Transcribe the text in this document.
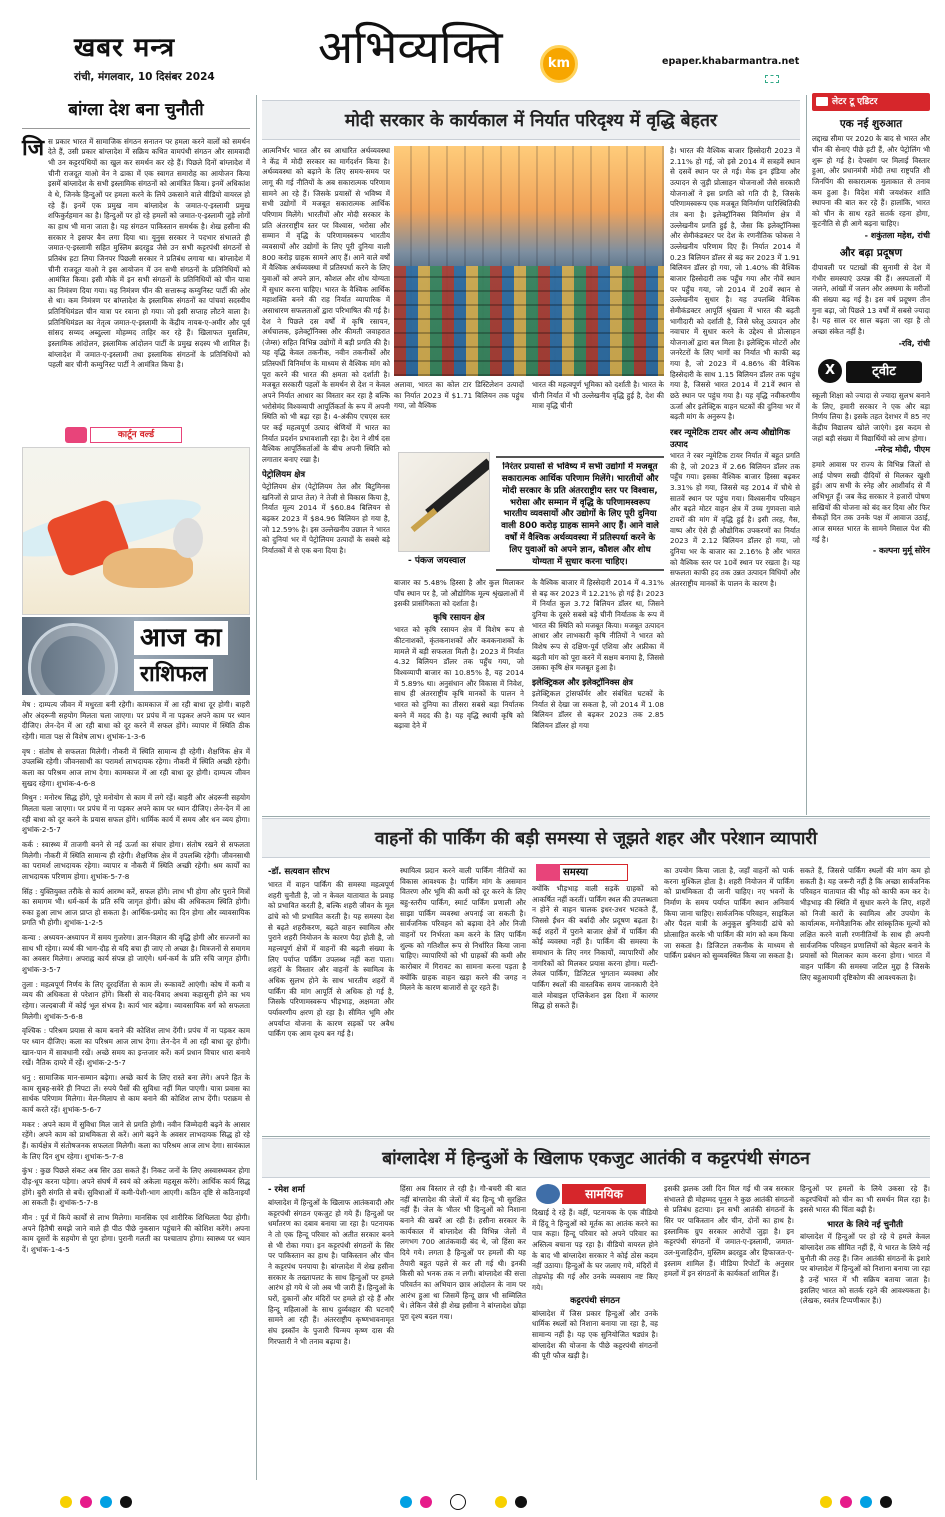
खबर मन्त्र
रांची, मंगलवार, 10 दिसंबर 2024
अभिव्यक्ति	km	epaper.khabarmantra.net
बांग्ला देश बना चुनौती
जि स प्रकार भारत में सामाजिक संगठन सनातन पर हमला करने वालों को समर्थन देते हैं, उसी प्रकार बांग्लादेश में सक्रिय कथित वामपंथी संगठन और सामवादी भी उन कट्टरपंथियों का खुल कर समर्थन कर रहे हैं। पिछले दिनों बांग्लादेश में चीनी राजदूत याओ वेन ने ढाका में एक स्वागत समारोह का आयोजन किया इसमें बांग्लादेश के सभी इस्लामिक संगठनों को आमंत्रित किया। इनमें अधिकांश वे थे, जिनके हिन्दुओं पर हमला करने के लिये उकसाने वाले वीडियो वायरल हो रहे हैं। इनमें एक प्रमुख नाम बांग्लादेश के जमात-ए-इस्लामी प्रमुख शफिकुर्रहमान का है। हिन्दुओं पर हो रहे हमलों को जमात-ए-इस्लामी जुड़े लोगों का हाथ भी माना जाता है। यह संगठन पाकिस्तान समर्थक है। शेख हसीना की सरकार ने इसपर बैन लगा दिया था। यूनुस सरकार ने पदभार संभालते ही जमात-ए-इस्लामी सहित मुस्लिम ब्रदरहुड जैसे उन सभी कट्टरपंथी संगठनों से प्रतिबंध हटा लिया जिनपर पिछली सरकार ने प्रतिबंध लगाया था। बांग्लादेश में चीनी राजदूत याओ ने इस आयोजन में उन सभी संगठनों के प्रतिनिधियों को आमंत्रित किया। इसी मौके में इन सभी संगठनों के प्रतिनिधियों को चीन यात्रा का निमंत्रण दिया गया। यह निमंत्रण चीन की सत्तारूढ़ कम्युनिस्ट पार्टी की ओर से था। कम निमंत्रण पर बांग्लादेश के इस्लामिक संगठनों का पांचवां सदस्यीय प्रतिनिधिमंडल चीन यात्रा पर रवाना हो गया। जो इसी सप्ताह लौटने वाला है। प्रतिनिधिमंडल का नेतृत्व जमात-ए-इस्लामी के केंद्रीय नायब-ए-अमीर और पूर्व सांसद सय्यद अब्दुल्ला मोहम्मद ताहिर कर रहे हैं। खिलाफत मुसलिम, इस्लामिक आंदोलन, इस्लामिक आंदोलन पार्टी के प्रमुख सदस्य भी शामिल हैं। बांग्लादेश में जमात-ए-इस्लामी तथा इस्लामिक संगठनों के प्रतिनिधियों को पहली बार चीनी कम्युनिस्ट पार्टी ने आमंत्रित किया है।
कार्टून वर्ल्ड
आज का
राशिफल
मेष : दाम्पत्य जीवन में मधुरता बनी रहेगी। कामकाज में आ रही बाधा दूर होगी। बाहरी और अंदरूनी सहयोग मिलता चला जाएगा। पर प्रपंच में ना पड़कर अपने काम पर ध्यान दीजिए। लेन-देन में आ रही बाधा को दूर करने में सफल होंगे। व्यापार में स्थिति ठीक रहेगी। माता पक्ष से विशेष लाभ। शुभांक-1-3-6
वृष : संतोष से सफलता मिलेगी। नौकरी में स्थिति सामान्य ही रहेगी। शैक्षणिक क्षेत्र में उपलब्धि रहेगी। जीवनसाथी का परामर्श लाभदायक रहेगा। नौकरी में स्थिति अच्छी रहेगी। कला का परिश्रम आज लाभ देगा। कामकाज में आ रही बाधा दूर होगी। दाम्पत्य जीवन सुखद रहेगा। शुभांक-4-6-8
मिथुन : मनोरथ सिद्ध होंगे, पूरे मनोयोग से काम में लगे रहें। बाहरी और अंदरूनी सहयोग मिलता चला जाएगा। पर प्रपंच में ना पड़कर अपने काम पर ध्यान दीजिए। लेन-देन में आ रही बाधा को दूर करने के प्रयास सफल होंगे। धार्मिक कार्य में समय और धन व्यय होगा। शुभांक-2-5-7
कर्क : स्वास्थ्य में ताजगी बनने से नई ऊर्जा का संचार होगा। संतोष रखने से सफलता मिलेगी। नौकरी में स्थिति सामान्य ही रहेगी। शैक्षणिक क्षेत्र में उपलब्धि रहेगी। जीवनसाथी का परामर्श लाभदायक रहेगा। व्यापार व नौकरी में स्थिति अच्छी रहेगी। श्रम कार्यों का लाभदायक परिणाम होगा। शुभांक-5-7-8
सिंह : युक्तियुक्त तरीके से कार्य आरम्भ करें, सफल होंगे। लाभ भी होगा और पुराने मित्रों का समागम भी। धर्म-कर्म के प्रति रुचि जागृत होगी। क्रोध की अधिकतम स्थिति होगी। रुका हुआ लाभ आज प्राप्त हो सकता है। आर्थिक-प्रमोद का दिन होगा और व्यावसायिक प्रगति भी होगी। शुभांक-1-2-5
कन्या : अध्ययन-अध्यापन में समय गुजरेगा। ज्ञान-विज्ञान की वृद्धि होगी और सज्जनों का साथ भी रहेगा। व्यर्थ की भाग-दौड़ से यदि बचा ही जाए तो अच्छा है। मित्रजनों से समागम का अवसर मिलेगा। अपराह्न कार्य संपन्न हो जाएंगे। धर्म-कर्म के प्रति रुचि जागृत होगी। शुभांक-3-5-7
तुला : महत्वपूर्ण निर्णय के लिए दूरदर्शिता से काम लें। रूकावटें आएंगी। कोष में कमी व व्यय की अधिकता से परेशान होंगे। किसी से वाद-विवाद अथवा कहासुनी होने का भय रहेगा। जल्दबाजी में कोई भूल संभव है। कार्य भार बढ़ेगा। व्यावसायिक वर्ग को सफलता मिलेगी। शुभांक-5-6-8
वृश्चिक : परिश्रम प्रयास से काम बनाने की कोशिश लाभ देंगी। प्रपंच में ना पड़कर काम पर ध्यान दीजिए। कला का परिश्रम आज लाभ देगा। लेन-देन में आ रही बाधा दूर होगी। खान-पान में सावधानी रखें। अच्छे समय का इन्तजार करें। कर्म प्रधान विचार धारा बनाये रखें। नैतिक दायरे में रहें। शुभांक-2-5-7
धनु : सामाजिक मान-सम्मान बढ़ेगा। अच्छे कार्य के लिए रास्ते बना लेंगे। अपने हित के काम सुबह-सवेरे ही निपटा लें। रुपये पैसों की सुविधा नहीं मिल पाएगी। यात्रा प्रवास का सार्थक परिणाम मिलेगा। मेल-मिलाप से काम बनाने की कोशिश लाभ देंगी। पराक्रम से कार्य करते रहें। शुभांक-5-6-7
मकर : अपने काम में सुविधा मिल जाने से प्रगति होगी। नवीन जिम्मेदारी बढ़ने के आसार रहेंगे। अपने काम को प्राथमिकता से करें। आगे बढ़ने के अवसर लाभदायक सिद्ध हो रहे हैं। कार्यक्षेत्र में संतोषजनक सफलता मिलेगी। कला का परिश्रम आज लाभ देगा। सायंकाल के लिए दिन शुभ रहेगा। शुभांक-5-7-8
कुंभ : कुछ पिछले संकट अब सिर उठा सकते हैं। निकट जनों के लिए अस्वास्थ्यकर होगा दौड़-धूप करना पड़ेगा। अपने संघर्ष में स्वयं को अकेला महसूस करेंगे। आर्थिक कार्य सिद्ध होंगे। बुरी संगति से बचें। सुविधाओं में कमी-पेशी-भाग आएगी। कठिन दृष्टि से कठिनाइयाँ आ सकती हैं। शुभांक-5-7-8
मीन : पूर्व में किये कार्यों से लाभ मिलेगा। मानसिक एवं शारीरिक शिथिलता पैदा होगी। अपने हितैषी समझे जाने वाले ही पीठ पीछे नुकसान पहुंचाने की कोशिश करेंगे। अपना काम दूसरों के सहयोग से पूरा होगा। पुरानी गलती का पश्चाताप होगा। स्वास्थ्य पर ध्यान दें। शुभांक-1-4-5
मोदी सरकार के कार्यकाल में निर्यात परिदृश्य में वृद्धि बेहतर
आत्मनिर्भर भारत और स्व आधारित अर्थव्यवस्था ने केंद्र में मोदी सरकार का मार्गदर्शन किया है। अर्थव्यवस्था को बढ़ाने के लिए समय-समय पर लागू की गई नीतियों के अब सकारात्मक परिणाम सामने आ रहे हैं। जिसके प्रयासों से भविष्य में सभी उद्योगों में मजबूत सकारात्मक आर्थिक परिणाम मिलेंगे। भारतीयों और मोदी सरकार के प्रति अंतरराष्ट्रीय स्तर पर विश्वास, भरोसा और सम्मान में वृद्धि के परिणामस्वरूप भारतीय व्यवसायों और उद्योगों के लिए पूरी दुनिया वाली 800 करोड़ ग्राहक सामने आए हैं। आने वाले वर्षों में वैश्विक अर्थव्यवस्था में प्रतिस्पर्धा करने के लिए युवाओं को अपने ज्ञान, कौशल और शोध योग्यता में सुधार करना चाहिए। भारत के वैश्विक आर्थिक महाशक्ति बनने की राह निर्यात व्यापारिक में असाधारण सफलताओं द्वारा परिभाषित की गई है। देश ने पिछले दस वर्षों में कृषि रसायन, अर्धचालक, इलेक्ट्रॉनिक्स और कीमती जवाहरात (जेम्स) सहित विभिन्न उद्योगों में बड़ी प्रगति की है। यह वृद्धि केवल तकनीक, नवीन तकनीकों और प्रतिस्पर्धी विनिर्माण के माध्यम से वैश्विक मांग को पूरा करने की भारत की क्षमता को दर्शाती है। मजबूत सरकारी पहलों के समर्थन से देश न केवल अपने निर्यात आधार का विस्तार कर रहा है बल्कि भरोसेमंद विश्वव्यापी आपूर्तिकर्ता के रूप में अपनी स्थिति को भी बढ़ा रहा है। 4-अंकीय एचएस स्तर पर कई महत्वपूर्ण उत्पाद श्रेणियों में भारत का निर्यात प्रदर्शन प्रभावशाली रहा है। देश ने शीर्ष दस वैश्विक आपूर्तिकर्ताओं के बीच अपनी स्थिति को लगातार बनाए रखा है।
पेट्रोलियम क्षेत्र
पेट्रोलियम क्षेत्र (पेट्रोलियम तेल और बिटुमिनस खनिजों से प्राप्त तेल) ने तेजी से विकास किया है, निर्यात मूल्य 2014 में $60.84 बिलियन से बढ़कर 2023 में $84.96 बिलियन हो गया है, जो 12.59% है। इस उल्लेखनीय उछाल ने भारत को दुनियां भर में पेट्रोलियम उत्पादों के सबसे बड़े निर्यातकों में से एक बना दिया है।
अलावा, भारत का कोल टार डिस्टिलेशन उत्पादों का निर्यात 2023 में $1.71 बिलियन तक पहुंच गया, जो वैश्विक
भारत की महत्वपूर्ण भूमिका को दर्शाती है। भारत के चीनी निर्यात में भी उल्लेखनीय वृद्धि हुई है, देश की मात्रा वृद्धि चीनी
- पंकज जयस्वाल
निरंतर प्रयासों से भविष्य में सभी उद्योगों में मजबूत सकारात्मक आर्थिक परिणाम मिलेंगे। भारतीयों और मोदी सरकार के प्रति अंतरराष्ट्रीय स्तर पर विश्वास, भरोसा और सम्मान में वृद्धि के परिणामस्वरूप भारतीय व्यवसायों और उद्योगों के लिए पूरी दुनिया वाली 800 करोड़ ग्राहक सामने आए हैं। आने वाले वर्षों में वैश्विक अर्थव्यवस्था में प्रतिस्पर्धा करने के लिए युवाओं को अपने ज्ञान, कौशल और शोध योग्यता में सुधार करना चाहिए।
बाजार का 5.48% हिस्सा है और कुल मिलाकर पाँच स्थान पर है, जो औद्योगिक मूल्य श्रृंखलाओं में इसकी प्रासंगिकता को दर्शाता है।
कृषि रसायन क्षेत्र
भारत को कृषि रसायन क्षेत्र में विशेष रूप से कीटनाशकों, कृंतकनाशकों और कवकनाशकों के मामले में बड़ी सफलता मिली है। 2023 में निर्यात 4.32 बिलियन डॉलर तक पहुँच गया, जो विश्वव्यापी बाजार का 10.85% है, यह 2014 में 5.89% था। अनुसंधान और विकास में निवेश, साथ ही अंतरराष्ट्रीय कृषि मानकों के पालन ने भारत को दुनिया का तीसरा सबसे बड़ा निर्यातक बनने में मदद की है। यह वृद्धि स्थायी कृषि को बढ़ावा देने में
के वैश्विक बाजार में हिस्सेदारी 2014 में 4.31% से बढ़ कर 2023 में 12.21% हो गई है। 2023 में निर्यात कुल 3.72 बिलियन डॉलर था, जिसने दुनिया के दूसरे सबसे बड़े चीनी निर्यातक के रूप में भारत की स्थिति को मजबूत किया। मजबूत उत्पादन आधार और लाभकारी कृषि नीतियों ने भारत को विशेष रूप से दक्षिण-पूर्व एशिया और अफ्रीका में बढ़ती मांग को पूरा करने में सक्षम बनाया है, जिससे उसका कृषि क्षेत्र मजबूत हुआ है।
इलेक्ट्रिकल और इलेक्ट्रॉनिक्स क्षेत्र
इलेक्ट्रिकल ट्रांसफॉर्मर और संबंधित घटकों के निर्यात से देखा जा सकता है, जो 2014 में 1.08 बिलियन डॉलर से बढ़कर 2023 तक 2.85 बिलियन डॉलर हो गया
है। भारत की वैश्विक बाजार हिस्सेदारी 2023 में 2.11% हो गई, जो इसे 2014 में सत्रहवें स्थान से दसवें स्थान पर ले गई। मेक इन इंडिया और उत्पादन से जुड़ी प्रोत्साहन योजनाओं जैसे सरकारी योजनाओं ने इस प्रगति को गति दी है, जिसके परिणामस्वरूप एक मजबूत विनिर्माण पारिस्थितिकी तंत्र बना है। इलेक्ट्रॉनिक्स विनिर्माण क्षेत्र में उल्लेखनीय प्रगति हुई है, जैसा कि इलेक्ट्रॉनिक्स और सेमीकंडक्टर पर देश के रणनीतिक फोकस ने उल्लेखनीय परिणाम दिए हैं। निर्यात 2014 में 0.23 बिलियन डॉलर से बढ़ कर 2023 में 1.91 बिलियन डॉलर हो गया, जो 1.40% की वैश्विक बाजार हिस्सेदारी तक पहुँच गया और नौवें स्थान पर पहुँच गया, जो 2014 में 20वें स्थान से उल्लेखनीय सुधार है। यह उपलब्धि वैश्विक सेमीकंडक्टर आपूर्ति श्रृंखला में भारत की बढ़ती भागीदारी को दर्शाती है, जिसे घरेलू उत्पादन और नवाचार में सुधार करने के उद्देश्य से प्रोत्साहन योजनाओं द्वारा बल मिला है। इलेक्ट्रिक मोटरों और जनरेटरों के लिए भागों का निर्यात भी काफी बढ़ गया है, जो 2023 में 4.86% की वैश्विक हिस्सेदारी के साथ 1.15 बिलियन डॉलर तक पहुंच गया है, जिससे भारत 2014 में 21वें स्थान से छठे स्थान पर पहुंच गया है। यह वृद्धि नवीकरणीय ऊर्जा और इलेक्ट्रिक वाहन घटकों की दुनिया भर में बढ़ती मांग के अनुरूप है।
रबर न्यूमेटिक टायर और अन्य औद्योगिक उत्पाद
भारत ने रबर न्यूमेटिक टायर निर्यात में बहुत प्रगति की है, जो 2023 में 2.66 बिलियन डॉलर तक पहुँच गया। इसका वैश्विक बाजार हिस्सा बढ़कर 3.31% हो गया, जिससे यह 2014 में चौथे से सातवें स्थान पर पहुंच गया। विश्वसनीय परिवहन और बढ़ते मोटर वाहन क्षेत्र में उच्च गुणवत्ता वाले टायरों की मांग में वृद्धि हुई है। इसी तरह, गैस, वाष्प और ऐसे ही औद्योगिक उपकरणों का निर्यात 2023 में 2.12 बिलियन डॉलर हो गया, जो दुनिया भर के बाजार का 2.16% है और भारत को वैश्विक स्तर पर 10वें स्थान पर रखता है। यह सफलता काफी हद तक उन्नत उत्पादन विधियों और अंतरराष्ट्रीय मानकों के पालन के कारण है।
लेटर टू एडिटर
एक नई शुरुआत
लद्दाख सीमा पर 2020 के बाद से भारत और चीन की सेनाएं पीछे हटी हैं, और पेट्रोलिंग भी शुरू हो गई है। देपसांग पर मिलाई विस्तार हुआ, और प्रधानमंत्री मोदी तथा राष्ट्रपति शी जिनपिंग की सकारात्मक मुलाकात से तनाव कम हुआ है। विदेश मंत्री जयशंकर शांति स्थापना की बात कर रहे हैं। हालांकि, भारत को चीन के साथ रहते सतर्क रहना होगा, कूटनीति से ही आगे बढ़ना चाहिए।
- शकुंतला महेश, रांची
और बढ़ा प्रदूषण
दीपावली पर पटाखों की सुनामी से देश में गंभीर समस्याएं उत्पन्न की हैं। अस्पतालों में जलने, आंखों में जलन और अस्थमा के मरीजों की संख्या बढ़ गई है। इस वर्ष प्रदूषण तीन गुना बढ़ा, जो पिछले 13 वर्षों में सबसे ज्यादा है। यह साल दर साल बढ़ता जा रहा है तो अच्छा संकेत नहीं है।
-रवि, रांची
X	ट्वीट
स्कूली शिक्षा को ज्यादा से ज्यादा सुलभ बनाने के लिए, हमारी सरकार ने एक और बड़ा निर्णय लिया है। इसके तहत देशभर में 85 नए केंद्रीय विद्यालय खोले जाएंगे। इस कदम से जहां बड़ी संख्या में विद्यार्थियों को लाभ होगा।
-नरेन्द्र मोदी, पीएम
हमारे आवास पर राज्य के विभिन्न जिलों से आई पोषण सखी दीदियों से मिलकर खुशी हुई। आप सभी के स्नेह और आशीर्वाद से मैं अभिभूत हूँ। जब केंद्र सरकार ने हजारों पोषण सखियों की योजना को बंद कर दिया और फिर सैकड़ों दिन तक उनके पक्ष में आवाज उठाई, आज समस्त भारत के सामने मिसाल पेश की गई है।
- कल्पना मुर्मू सोरेन
वाहनों की पार्किंग की बड़ी समस्या से जूझते शहर और परेशान व्यापारी
-डॉ. सत्यवान सौरभ	समस्या
भारत में वाहन पार्किंग की समस्या महत्वपूर्ण शहरी चुनौती है, जो न केवल यातायात के प्रवाह को प्रभावित करती है, बल्कि शहरी जीवन के मूल ढांचे को भी प्रभावित करती है। यह समस्या देश से बढ़ते शहरीकरण, बढ़ते वाहन स्वामित्व और पुराने शहरी नियोजन के कारण पैदा होती है, जो महत्त्वपूर्ण क्षेत्रों में वाहनों की बढ़ती संख्या के लिए पर्याप्त पार्किंग उपलब्ध नहीं करा पाता। शहरों के विस्तार और वाहनों के स्वामित्व के अधिक सुलभ होने के साथ भारतीय शहरों में पार्किंग की मांग आपूर्ति से अधिक हो गई है, जिसके परिणामस्वरूप भीड़भाड़, अक्षमता और पर्यावरणीय क्षरण हो रहा है। सीमित भूमि और अपर्याप्त योजना के कारण सड़कों पर अवैध पार्किंग एक आम दृश्य बन गई है।
स्थायित्व प्रदान करने वाली पार्किंग नीतियों का विकास आवश्यक है। पार्किंग मांग के असमान वितरण और भूमि की कमी को दूर करने के लिए बहु-स्तरीय पार्किंग, स्मार्ट पार्किंग प्रणाली और साझा पार्किंग व्यवस्था अपनाई जा सकती है। सार्वजनिक परिवहन को बढ़ावा देने और निजी वाहनों पर निर्भरता कम करने के लिए पार्किंग शुल्क को गतिशील रूप से निर्धारित किया जाना चाहिए। व्यापारियों को भी ग्राहकों की कमी और कारोबार में गिरावट का सामना करना पड़ता है क्योंकि ग्राहक वाहन खड़ा करने की जगह न मिलने के कारण बाजारों से दूर रहते हैं।
क्योंकि भीड़भाड़ वाली सड़कें ग्राहकों को आकर्षित नहीं करतीं। पार्किंग स्थल की उपलब्धता न होने से वाहन चालक इधर-उधर भटकते हैं, जिससे ईंधन की बर्बादी और प्रदूषण बढ़ता है। कई शहरों में पुराने बाजार क्षेत्रों में पार्किंग की कोई व्यवस्था नहीं है। पार्किंग की समस्या के समाधान के लिए नगर निकायों, व्यापारियों और नागरिकों को मिलकर प्रयास करना होगा। मल्टी-लेवल पार्किंग, डिजिटल भुगतान व्यवस्था और पार्किंग स्थलों की वास्तविक समय जानकारी देने वाले मोबाइल एप्लिकेशन इस दिशा में कारगर सिद्ध हो सकते हैं।
का उपयोग किया जाता है, जहाँ वाहनों को पार्क करना मुश्किल होता है। शहरी नियोजन में पार्किंग को प्राथमिकता दी जानी चाहिए। नए भवनों के निर्माण के समय पर्याप्त पार्किंग स्थान अनिवार्य किया जाना चाहिए। सार्वजनिक परिवहन, साइकिल और पैदल यात्री के अनुकूल बुनियादी ढांचे को प्रोत्साहित करके भी पार्किंग की मांग को कम किया जा सकता है। डिजिटल तकनीक के माध्यम से पार्किंग प्रबंधन को सुव्यवस्थित किया जा सकता है।
सकते हैं, जिससे पार्किंग स्थलों की मांग कम हो सकती है। यह जरूरी नहीं है कि अच्छा सार्वजनिक परिवहन यातायात की भीड़ को काफी कम कर दे। भीड़भाड़ की स्थिति में सुधार करने के लिए, शहरों को निजी कारों के स्वामित्व और उपयोग के कार्यात्मक, मनोवैज्ञानिक और सांस्कृतिक मूल्यों को लक्षित करने वाली रणनीतियों के साथ ही अपनी सार्वजनिक परिवहन प्रणालियों को बेहतर बनाने के प्रयासों को मिलाकर काम करना होगा। भारत में वाहन पार्किंग की समस्या जटिल मुद्दा है जिसके लिए बहुआयामी दृष्टिकोण की आवश्यकता है।
बांग्लादेश में हिन्दुओं के खिलाफ एकजुट आतंकी व कट्टरपंथी संगठन
- रमेश शर्मा	सामयिक
बांग्लादेश में हिन्दुओं के खिलाफ आतंकवादी और कट्टरपंथी संगठन एकजुट हो गये हैं। हिन्दुओं पर धर्मांतरण का दबाव बनाया जा रहा है। पटनायक ने तो एक हिन्दू परिवार को अतीत सरकार बनने से भी रोका गया। इन कट्टरपंथी संगठनों के सिर पर पाकिस्तान का हाथ है। पाकिस्तान और चीन ने कट्टरपंथ पनपाया है। बांग्लादेश में शेख हसीना सरकार के तख्तापलट के साथ हिन्दुओं पर हमले आरंभ हो गये थे जो अब भी जारी हैं। हिन्दुओं के घरों, दुकानों और मंदिरों पर हमले हो रहे हैं और हिन्दू महिलाओं के साथ दुर्व्यवहार की घटनाएँ सामने आ रही हैं। अंतरराष्ट्रीय कृष्णभावनामृत संघ इस्कॉन के पुजारी चिन्मय कृष्ण दास की गिरफ्तारी ने भी तनाव बढ़ाया है।
हिंसा अब विस्तार ले रही है। गौ-बचरी की बात नहीं बांग्लादेश की जेलों में बंद हिन्दू भी सुरक्षित नहीं हैं। जेल के भीतर भी हिन्दुओं को निशाना बनाने की खबरें आ रही हैं। हसीना सरकार के कार्यकाल में बांग्लादेश की विभिन्न जेलों में लगभग 700 आतंकवादी बंद थे, जो हिंसा कर दिये गये। लगता है हिन्दुओं पर हमलों की यह तैयारी बहुत पहले से कर ली गई थी। इनकी किसी को भनक तक न लगी। बांग्लादेश की सत्ता परिवर्तन का अभियान छात्र आंदोलन के नाम पर आरंभ हुआ था जिसमें हिन्दू छात्र भी सम्मिलित थे। लेकिन जैसे ही शेख हसीना ने बांग्लादेश छोड़ा पूरा दृश्य बदल गया।
दिखाई दे रहे हैं। वहीं, पटनायक के एक वीडियो में हिंदू ने हिन्दुओं को मूर्तक का आतंक करने का पात्र कहा। हिन्दू परिवार को अपने परिवार का अस्तित्व बचाना पड़ रहा है। वीडियो वायरल होने के बाद भी बांग्लादेश सरकार ने कोई ठोस कदम नहीं उठाया। हिन्दुओं के घर जलाए गये, मंदिरों में तोड़फोड़ की गई और उनके व्यवसाय नष्ट किए गये।
कट्टरपंथी संगठन
बांग्लादेश में जिस प्रकार हिन्दुओं और उनके धार्मिक स्थलों को निशाना बनाया जा रहा है, वह सामान्य नहीं है। यह एक सुनियोजित षड्यंत्र है। बांग्लादेश की योजना के पीछे कट्टरपंथी संगठनों की पूरी फौज खड़ी है।
इसकी झलक उसी दिन मिल गई थी जब सरकार संभालते ही मोहम्मद यूनुस ने कुछ आतंकी संगठनों से प्रतिबंध हटाया। इन सभी आतंकी संगठनों के सिर पर पाकिस्तान और चीन, दोनों का हाथ है। इस्लामिक ग्रुप सरकार आरोपों जुड़ा है। इन कट्टरपंथी संगठनों में जमात-ए-इस्लामी, जमात-उल-मुजाहिदीन, मुस्लिम ब्रदरहुड और हिफाजत-ए-इस्लाम शामिल हैं। मीडिया रिपोर्टों के अनुसार हमलों में इन संगठनों के कार्यकर्ता शामिल हैं।
हिन्दुओं पर हमलों के लिये उकसा रहे हैं। कट्टरपंथियों को चीन का भी समर्थन मिल रहा है। इससे भारत की चिंता बढ़ी है।
भारत के लिये नई चुनौती
बांग्लादेश में हिन्दुओं पर हो रहे ये हमले केवल बांग्लादेश तक सीमित नहीं हैं, ये भारत के लिये नई चुनौती की तरह हैं। जिन आतंकी संगठनों के इशारे पर बांग्लादेश में हिन्दुओं को निशाना बनाया जा रहा है उन्हें भारत में भी सक्रिय बताया जाता है। इसलिए भारत को सतर्क रहने की आवश्यकता है। (लेखक, स्वतंत्र टिप्पणीकार हैं।)
